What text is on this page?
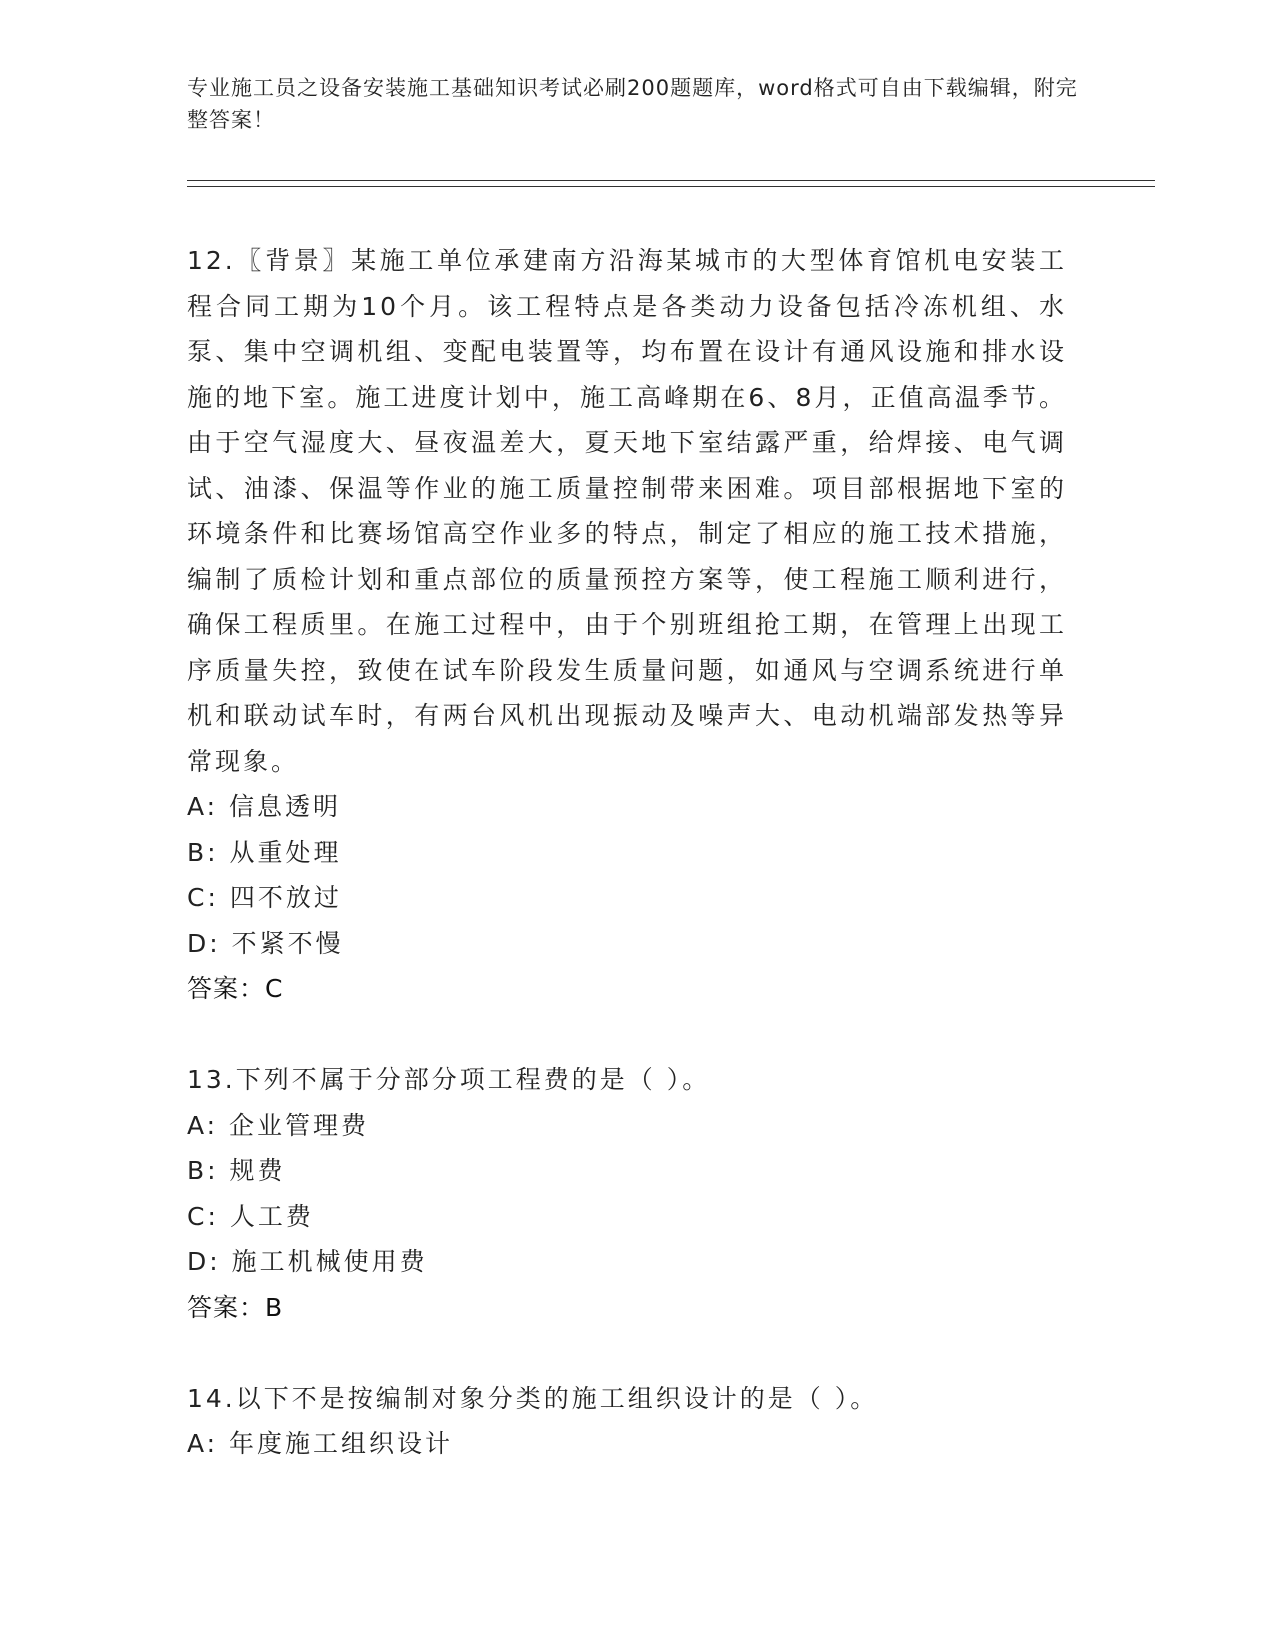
专业施工员之设备安装施工基础知识考试必刷200题题库，word格式可自由下载编辑，附完整答案！

12.〖背景〗某施工单位承建南方沿海某城市的大型体育馆机电安装工程合同工期为10个月。该工程特点是各类动力设备包括冷冻机组、水泵、集中空调机组、变配电装置等，均布置在设计有通风设施和排水设施的地下室。施工进度计划中，施工高峰期在6、8月，正值高温季节。由于空气湿度大、昼夜温差大，夏天地下室结露严重，给焊接、电气调试、油漆、保温等作业的施工质量控制带来困难。项目部根据地下室的环境条件和比赛场馆高空作业多的特点，制定了相应的施工技术措施，编制了质检计划和重点部位的质量预控方案等，使工程施工顺利进行，确保工程质里。在施工过程中，由于个别班组抢工期，在管理上出现工序质量失控，致使在试车阶段发生质量问题，如通风与空调系统进行单机和联动试车时，有两台风机出现振动及噪声大、电动机端部发热等异常现象。

A: 信息透明

B: 从重处理

C: 四不放过

D: 不紧不慢

答案：C

13.下列不属于分部分项工程费的是（ ）。

A: 企业管理费

B: 规费

C: 人工费

D: 施工机械使用费

答案：B

14.以下不是按编制对象分类的施工组织设计的是（ ）。

A: 年度施工组织设计
